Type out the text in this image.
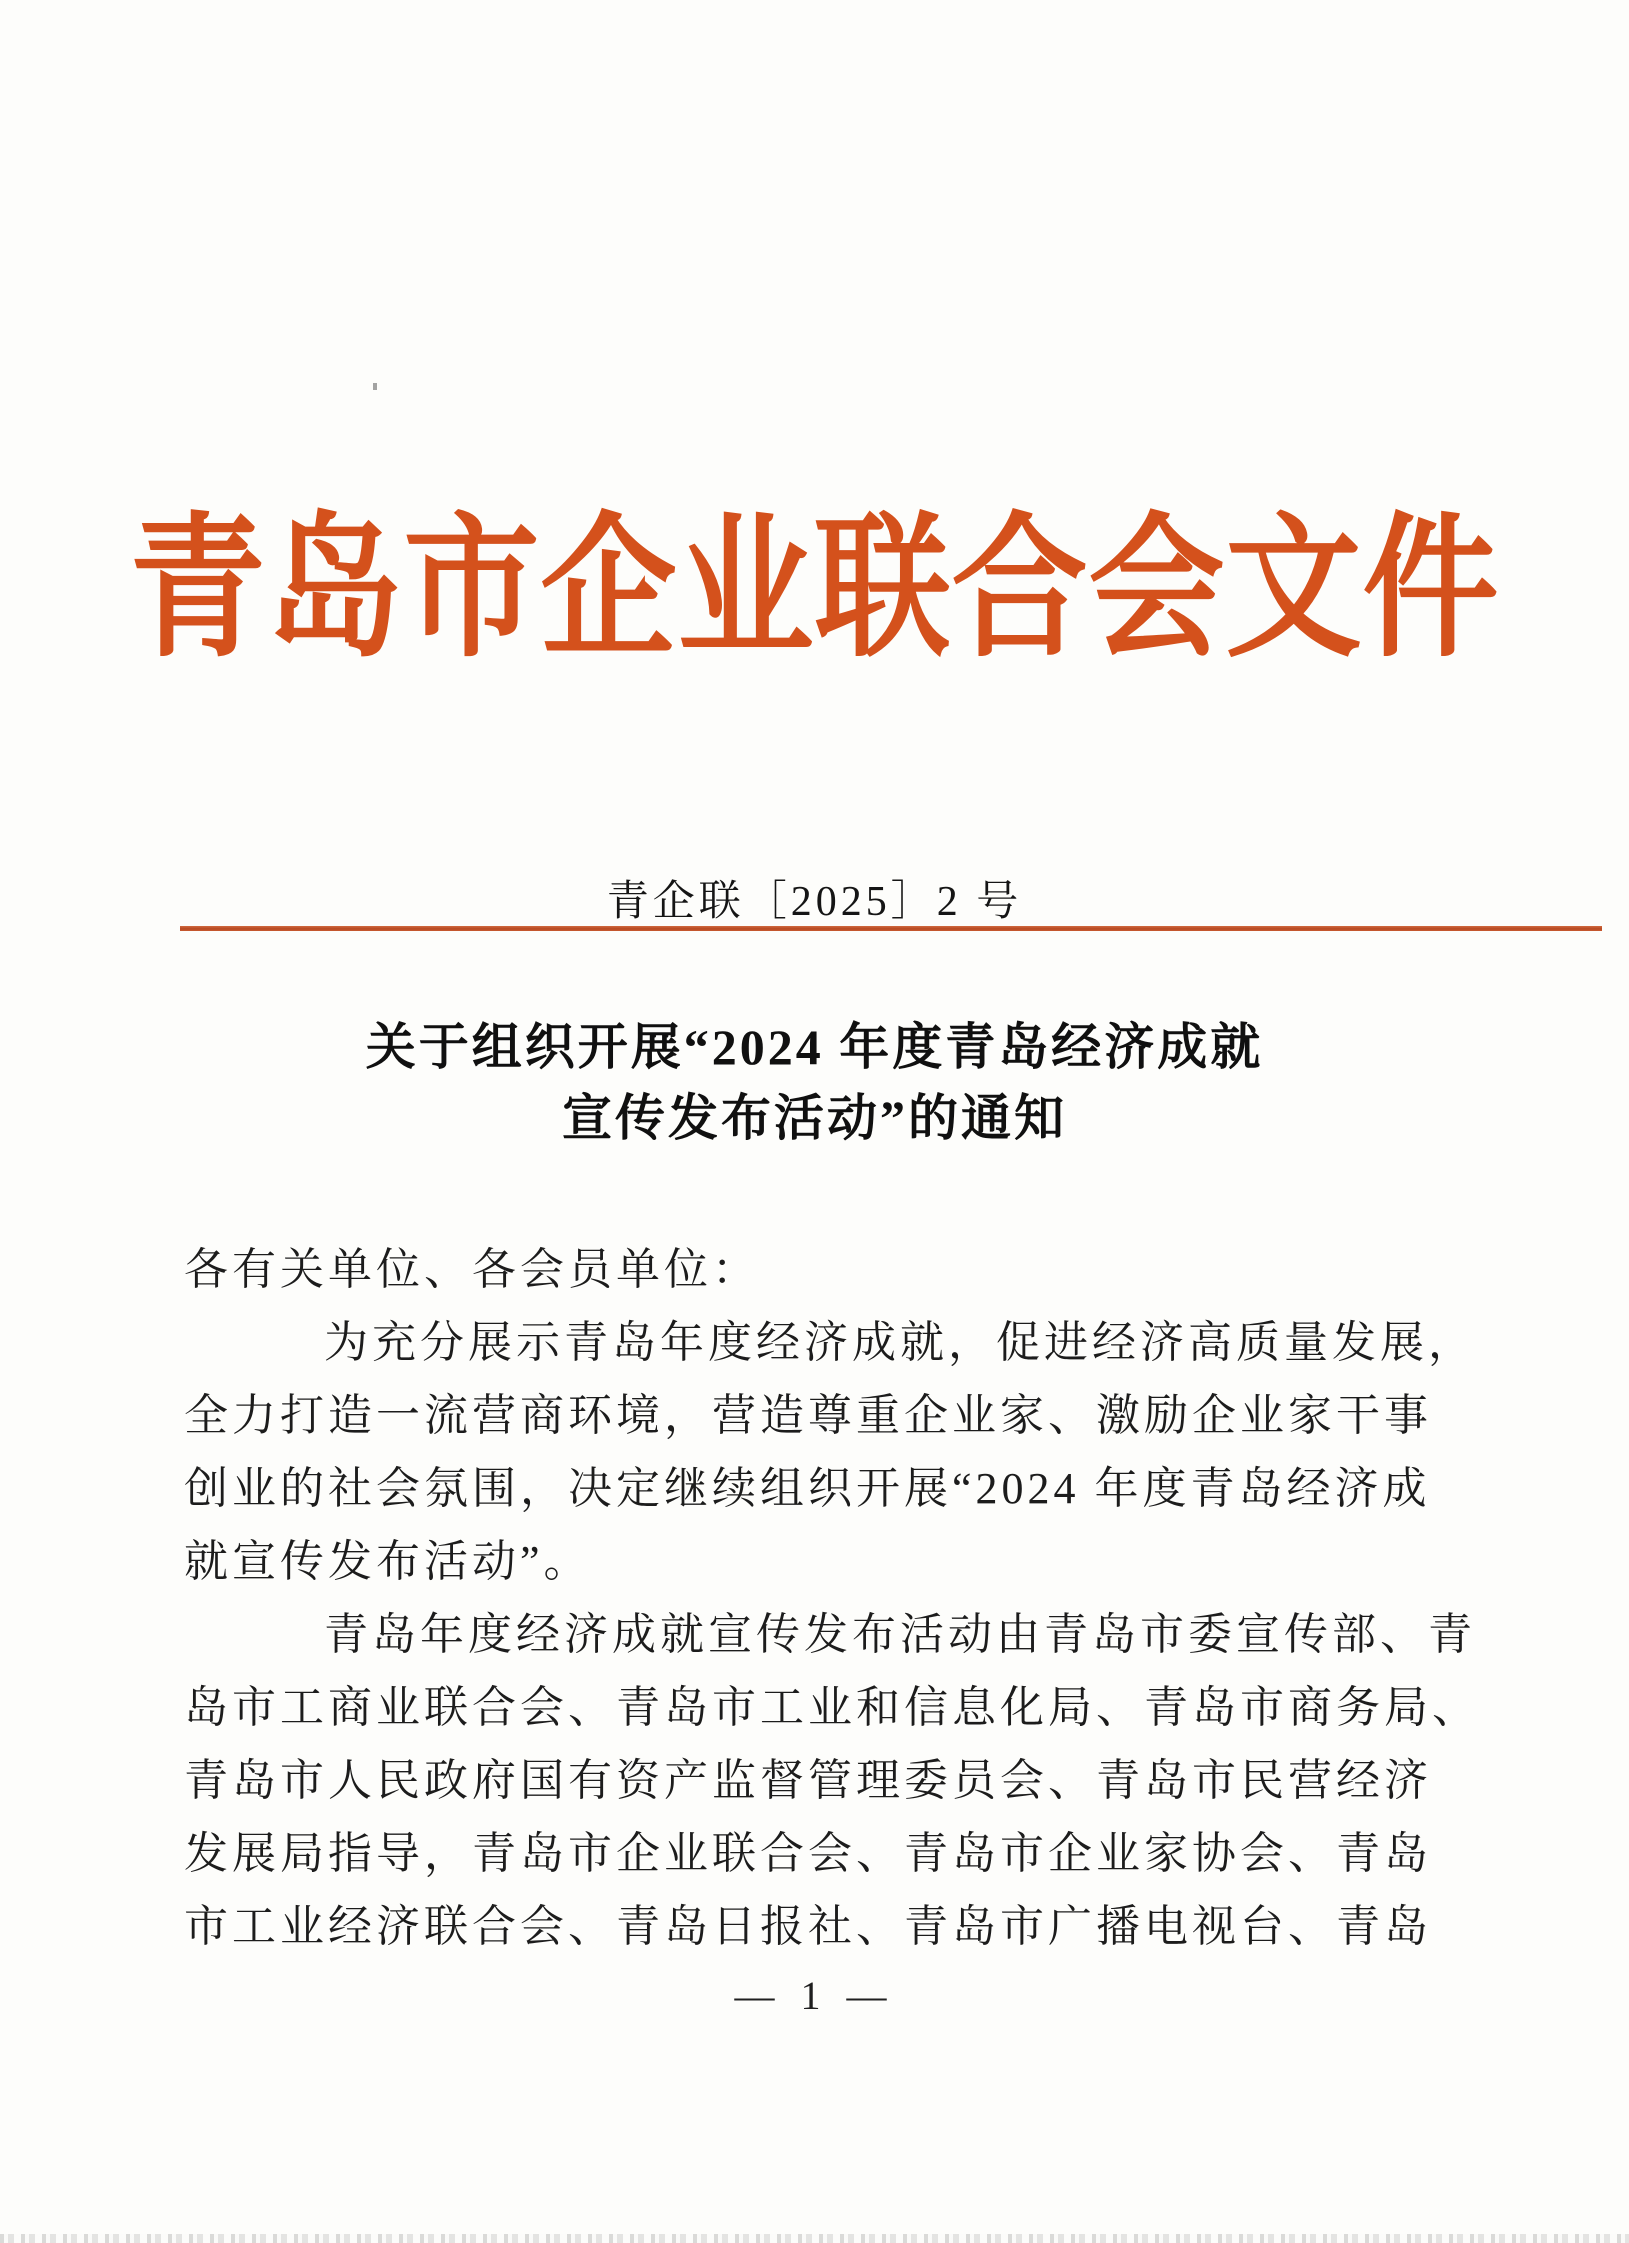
青岛市企业联合会文件
青企联［2025］2 号
关于组织开展“2024 年度青岛经济成就
宣传发布活动”的通知
各有关单位、各会员单位：
为充分展示青岛年度经济成就，促进经济高质量发展，
全力打造一流营商环境，营造尊重企业家、激励企业家干事
创业的社会氛围，决定继续组织开展“2024 年度青岛经济成
就宣传发布活动”。
青岛年度经济成就宣传发布活动由青岛市委宣传部、青
岛市工商业联合会、青岛市工业和信息化局、青岛市商务局、
青岛市人民政府国有资产监督管理委员会、青岛市民营经济
发展局指导，青岛市企业联合会、青岛市企业家协会、青岛
市工业经济联合会、青岛日报社、青岛市广播电视台、青岛
— 1 —
